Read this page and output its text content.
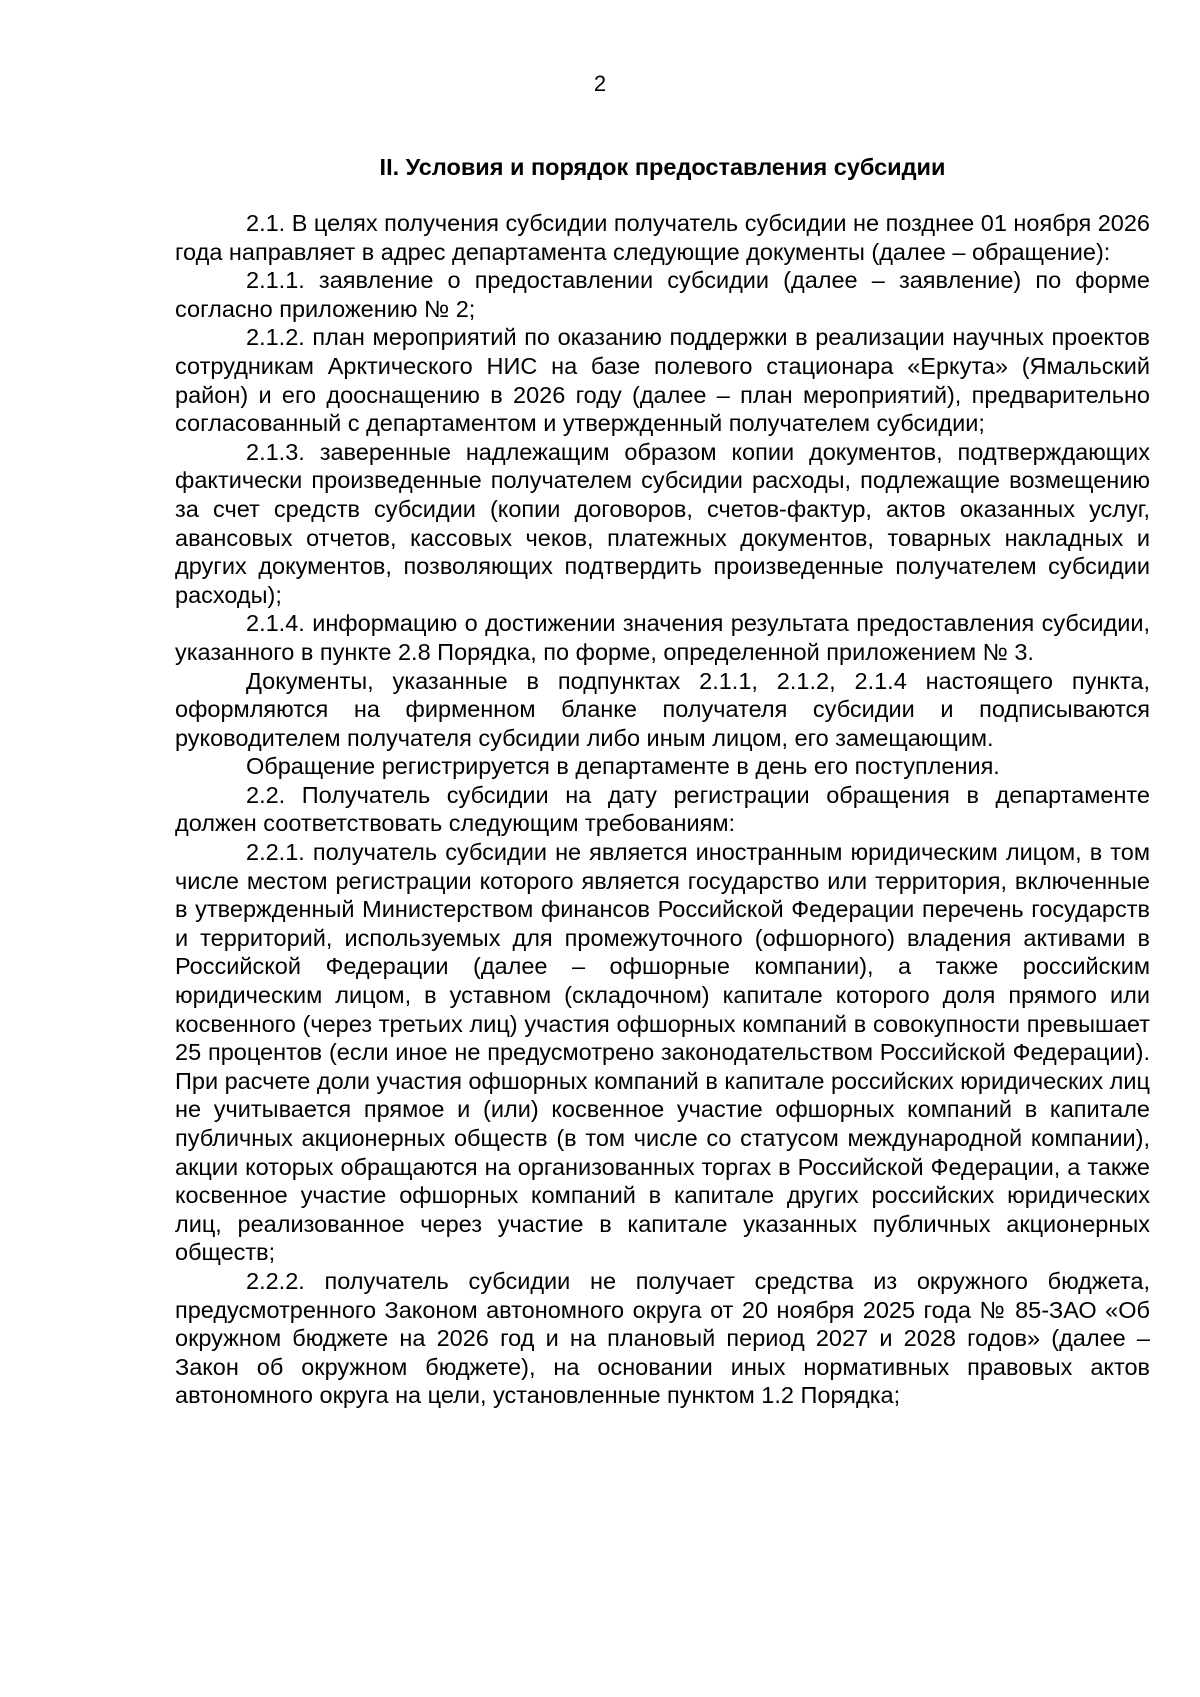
2
II. Условия и порядок предоставления субсидии

2.1. В целях получения субсидии получатель субсидии не позднее 01 ноября 2026 года направляет в адрес департамента следующие документы (далее – обращение):

2.1.1. заявление о предоставлении субсидии (далее – заявление) по форме согласно приложению № 2;

2.1.2. план мероприятий по оказанию поддержки в реализации научных проектов сотрудникам Арктического НИС на базе полевого стационара «Еркута» (Ямальский район) и его дооснащению в 2026 году (далее – план мероприятий), предварительно согласованный с департаментом и утвержденный получателем субсидии;

2.1.3. заверенные надлежащим образом копии документов, подтверждающих фактически произведенные получателем субсидии расходы, подлежащие возмещению за счет средств субсидии (копии договоров, счетов-фактур, актов оказанных услуг, авансовых отчетов, кассовых чеков, платежных документов, товарных накладных и других документов, позволяющих подтвердить произведенные получателем субсидии расходы);

2.1.4. информацию о достижении значения результата предоставления субсидии, указанного в пункте 2.8 Порядка, по форме, определенной приложением № 3.

Документы, указанные в подпунктах 2.1.1, 2.1.2, 2.1.4 настоящего пункта, оформляются на фирменном бланке получателя субсидии и подписываются руководителем получателя субсидии либо иным лицом, его замещающим.

Обращение регистрируется в департаменте в день его поступления.

2.2. Получатель субсидии на дату регистрации обращения в департаменте должен соответствовать следующим требованиям:

2.2.1. получатель субсидии не является иностранным юридическим лицом, в том числе местом регистрации которого является государство или территория, включенные в утвержденный Министерством финансов Российской Федерации перечень государств и территорий, используемых для промежуточного (офшорного) владения активами в Российской Федерации (далее – офшорные компании), а также российским юридическим лицом, в уставном (складочном) капитале которого доля прямого или косвенного (через третьих лиц) участия офшорных компаний в совокупности превышает 25 процентов (если иное не предусмотрено законодательством Российской Федерации). При расчете доли участия офшорных компаний в капитале российских юридических лиц не учитывается прямое и (или) косвенное участие офшорных компаний в капитале публичных акционерных обществ (в том числе со статусом международной компании), акции которых обращаются на организованных торгах в Российской Федерации, а также косвенное участие офшорных компаний в капитале других российских юридических лиц, реализованное через участие в капитале указанных публичных акционерных обществ;

2.2.2. получатель субсидии не получает средства из окружного бюджета, предусмотренного Законом автономного округа от 20 ноября 2025 года № 85-ЗАО «Об окружном бюджете на 2026 год и на плановый период 2027 и 2028 годов» (далее – Закон об окружном бюджете), на основании иных нормативных правовых актов автономного округа на цели, установленные пунктом 1.2 Порядка;
